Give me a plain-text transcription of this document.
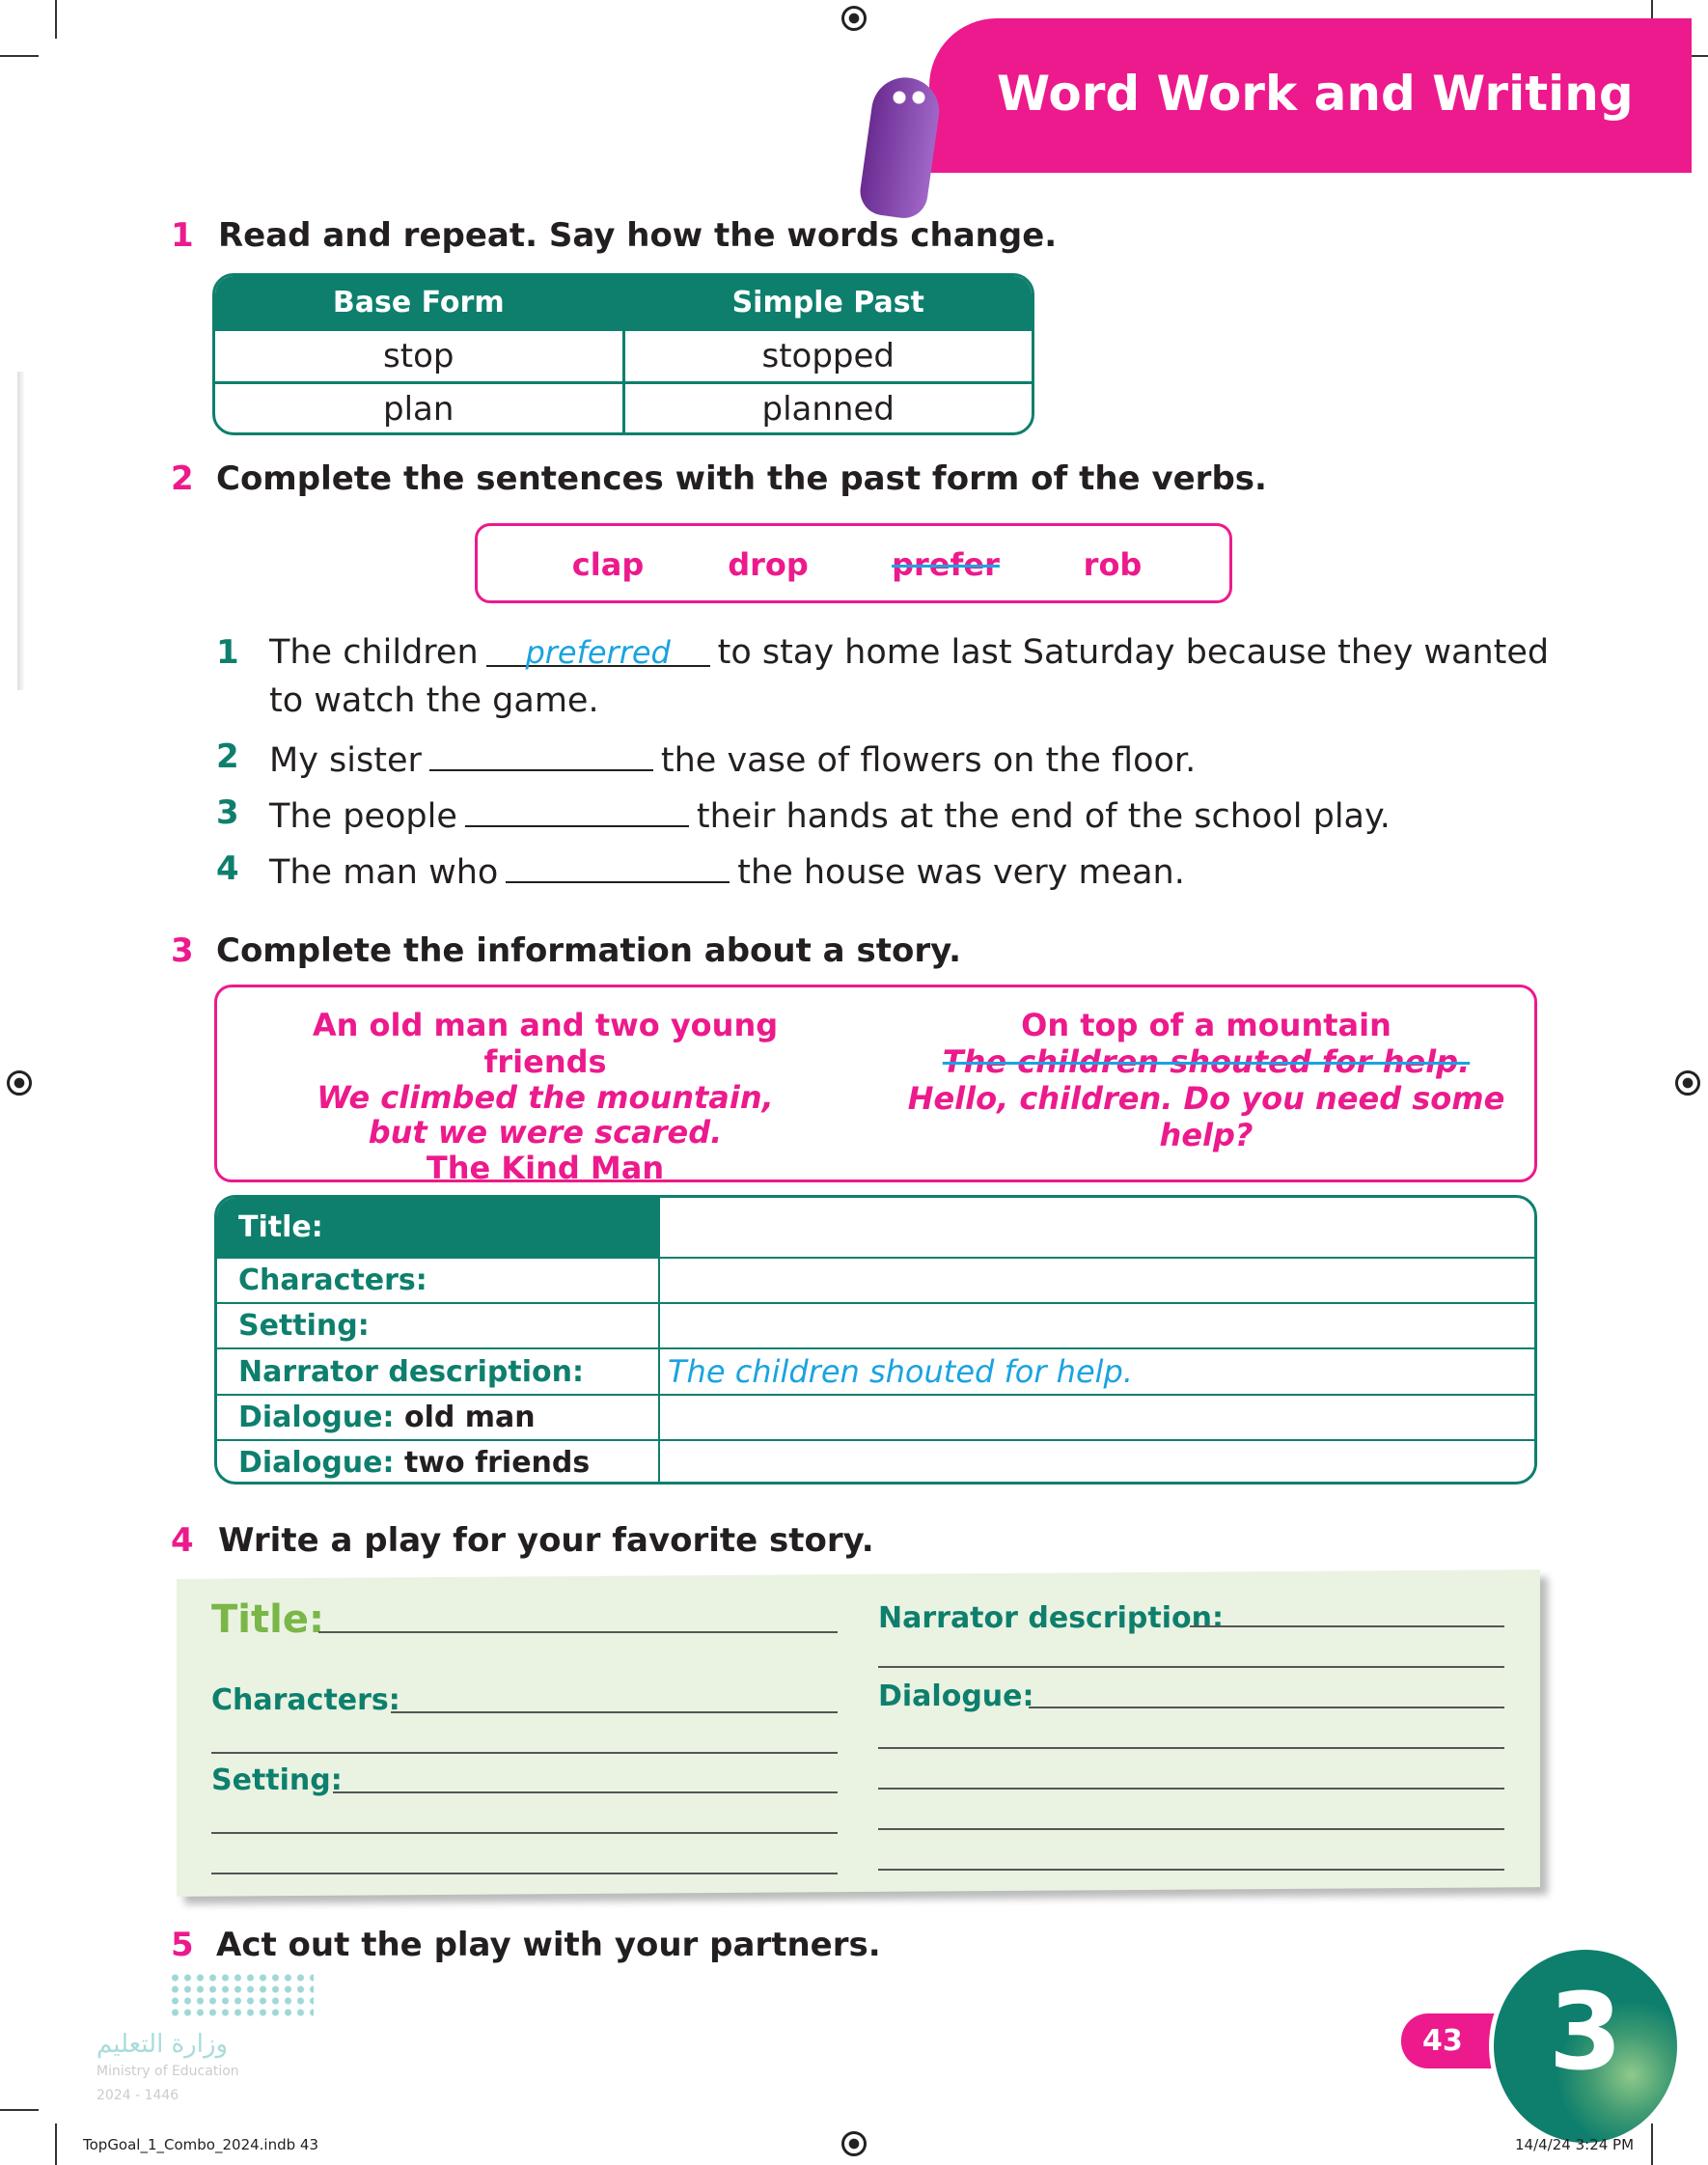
Word Work and Writing
1 Read and repeat. Say how the words change.
Base Form	Simple Past
stop	stopped
plan	planned
2 Complete the sentences with the past form of the verbs.
clap	drop	prefer	rob
1 The children preferred to stay home last Saturday because they wanted
to watch the game.
2 My sister	the vase of flowers on the floor.
3 The people	their hands at the end of the school play.
4 The man who	the house was very mean.
3 Complete the information about a story.
An old man and two young friends
We climbed the mountain, but we were scared.
The Kind Man
On top of a mountain
The children shouted for help.
Hello, children. Do you need some help?
Title:
Characters:
Setting:
Narrator description:	The children shouted for help.
Dialogue:
old man
Dialogue:
two friends
4 Write a play for your favorite story.
Title:
Characters:
Setting:
Narrator description:
Dialogue:
5 Act out the play with your partners.
وزارة التعليم
Ministry of Education
2024 - 1446
43 3
TopGoal_1_Combo_2024.indb 43	14/4/24 3:24 PM
